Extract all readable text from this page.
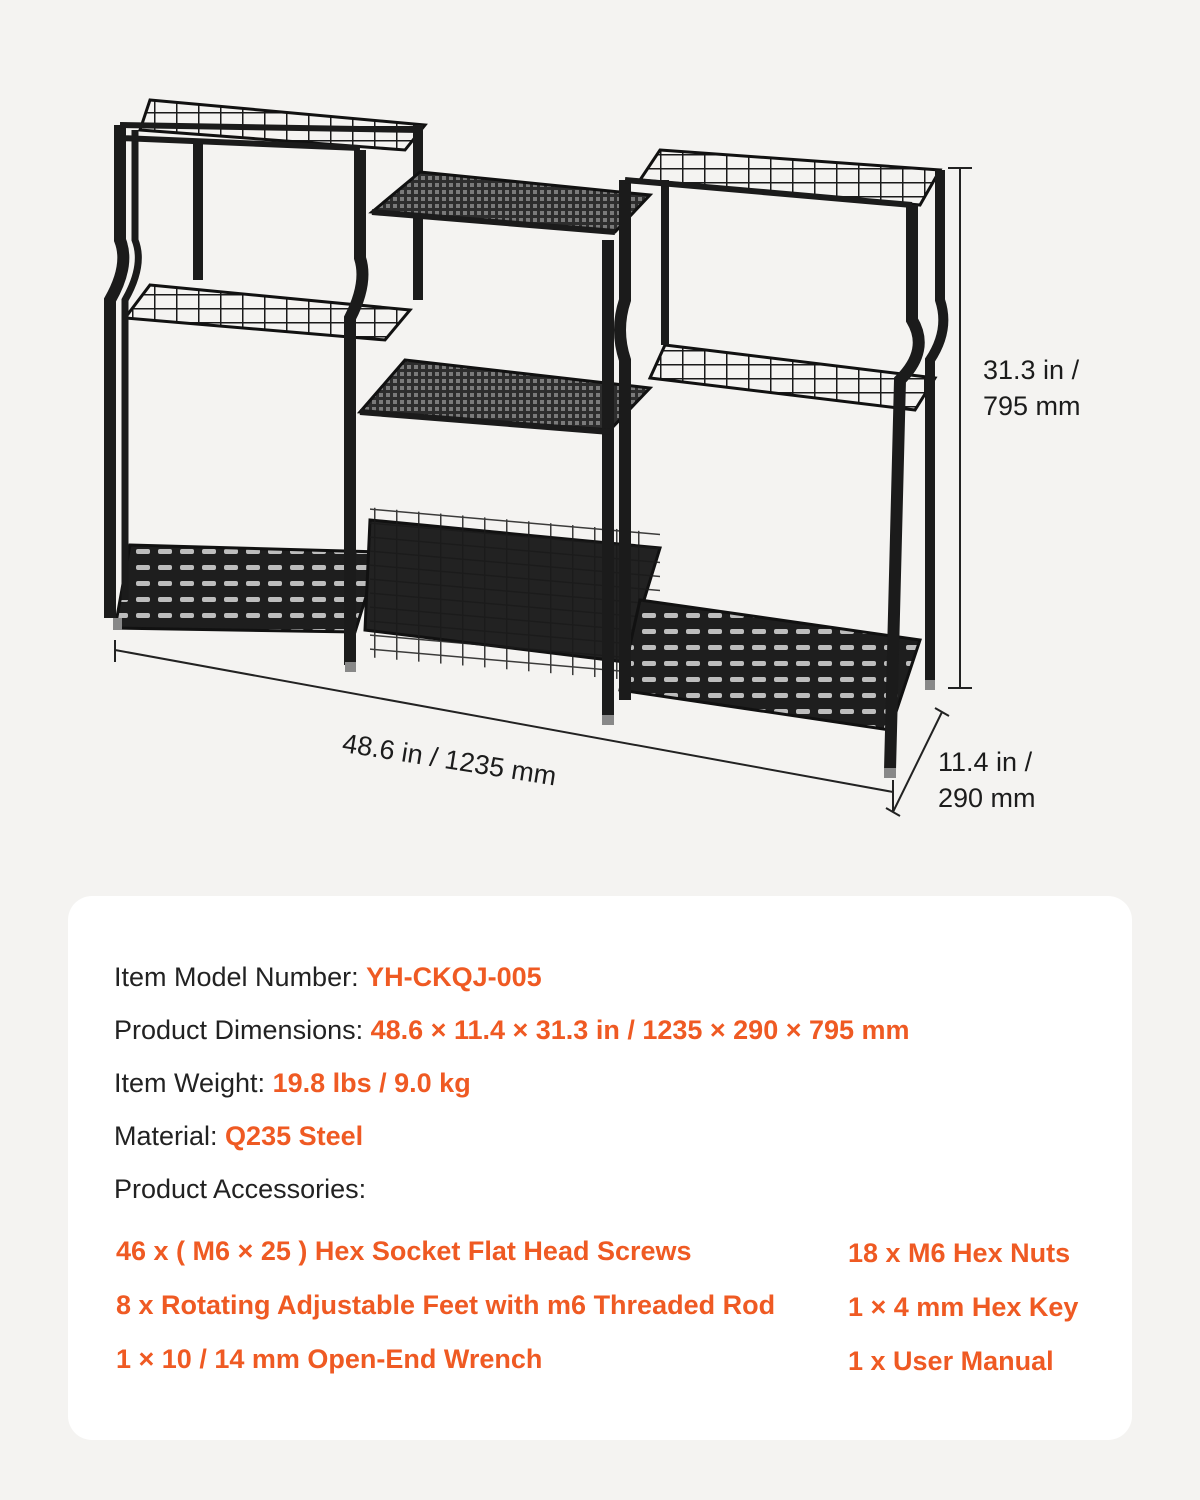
31.3 in /
795 mm
11.4 in /
290 mm
48.6 in / 1235 mm
Item Model Number: YH-CKQJ-005
Product Dimensions: 48.6 × 11.4 × 31.3 in / 1235 × 290 × 795 mm
Item Weight: 19.8 lbs / 9.0 kg
Material: Q235 Steel
Product Accessories:
46 x ( M6 × 25 ) Hex Socket Flat Head Screws
8 x Rotating Adjustable Feet with m6 Threaded Rod
1 × 10 / 14 mm Open-End Wrench
18 x M6 Hex Nuts
1 × 4 mm Hex Key
1 x User Manual
